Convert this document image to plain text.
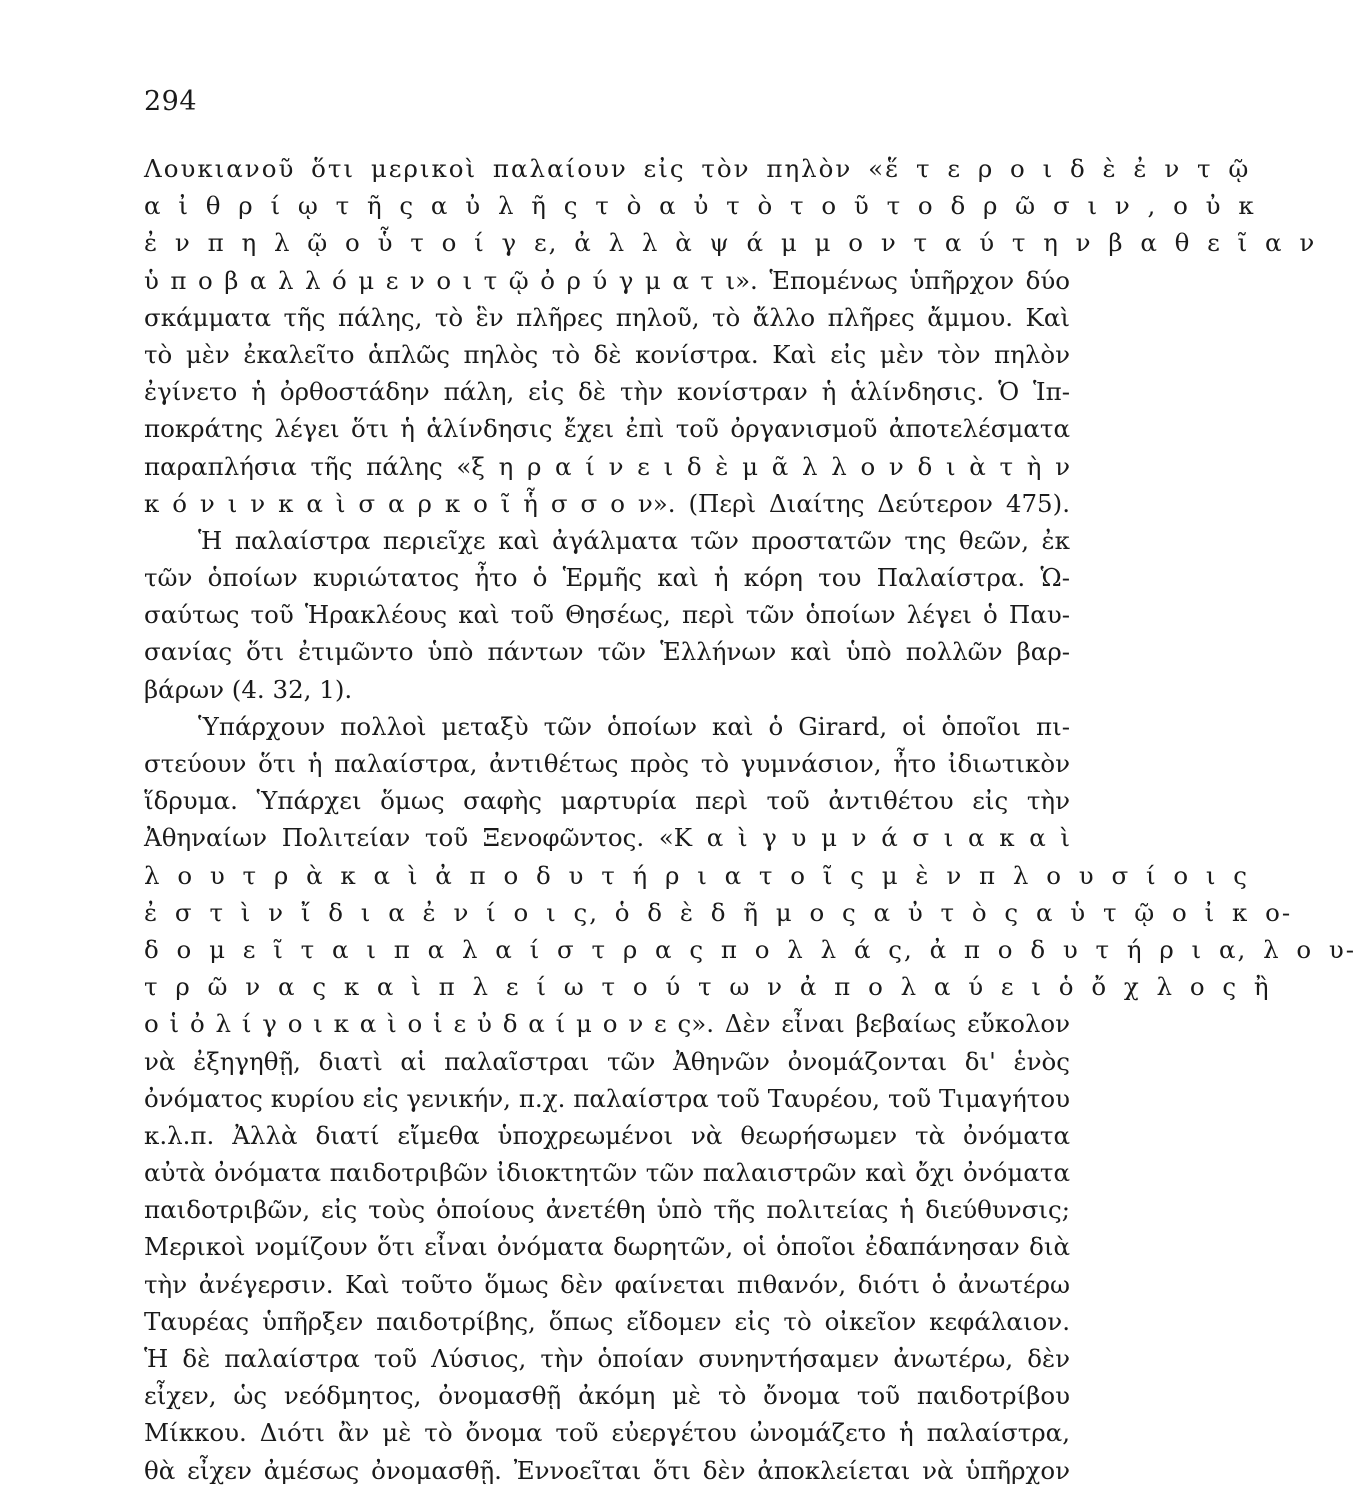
294
Λουκιανοῦ ὅτι μερικοὶ παλαίουν εἰς τὸν πηλὸν «ἕ τ ε ρ ο ι δ ὲ ἐ ν τ ῷ
α ἰ θ ρ ί ῳ τ ῆ ς α ὐ λ ῆ ς τ ὸ α ὐ τ ὸ τ ο ῦ τ ο δ ρ ῶ σ ι ν , ο ὐ κ
ἐ ν π η λ ῷ ο ὗ τ ο ί γ ε, ἀ λ λ ὰ ψ ά μ μ ο ν τ α ύ τ η ν β α θ ε ῖ α ν
ὑ π ο β α λ λ ό μ ε ν ο ι τ ῷ ὀ ρ ύ γ μ α τ ι». Ἑπομένως ὑπῆρχον δύο
σκάμματα τῆς πάλης, τὸ ἓν πλῆρες πηλοῦ, τὸ ἄλλο πλῆρες ἄμμου. Καὶ
τὸ μὲν ἐκαλεῖτο ἁπλῶς πηλὸς τὸ δὲ κονίστρα. Καὶ εἰς μὲν τὸν πηλὸν
ἐγίνετο ἡ ὀρθοστάδην πάλη, εἰς δὲ τὴν κονίστραν ἡ ἁλίνδησις. Ὁ Ἱπ-
ποκράτης λέγει ὅτι ἡ ἁλίνδησις ἔχει ἐπὶ τοῦ ὀργανισμοῦ ἀποτελέσματα
παραπλήσια τῆς πάλης «ξ η ρ α ί ν ε ι δ ὲ μ ᾶ λ λ ο ν δ ι ὰ τ ὴ ν
κ ό ν ι ν κ α ὶ σ α ρ κ ο ῖ ἧ σ σ ο ν». (Περὶ Διαίτης Δεύτερον 475).
Ἡ παλαίστρα περιεῖχε καὶ ἀγάλματα τῶν προστατῶν της θεῶν, ἐκ
τῶν ὁποίων κυριώτατος ἦτο ὁ Ἑρμῆς καὶ ἡ κόρη του Παλαίστρα. Ὡ-
σαύτως τοῦ Ἡρακλέους καὶ τοῦ Θησέως, περὶ τῶν ὁποίων λέγει ὁ Παυ-
σανίας ὅτι ἐτιμῶντο ὑπὸ πάντων τῶν Ἑλλήνων καὶ ὑπὸ πολλῶν βαρ-
βάρων (4. 32, 1).
Ὑπάρχουν πολλοὶ μεταξὺ τῶν ὁποίων καὶ ὁ Girard, οἱ ὁποῖοι πι-
στεύουν ὅτι ἡ παλαίστρα, ἀντιθέτως πρὸς τὸ γυμνάσιον, ἦτο ἰδιωτικὸν
ἵδρυμα. Ὑπάρχει ὅμως σαφὴς μαρτυρία περὶ τοῦ ἀντιθέτου εἰς τὴν
Ἀθηναίων Πολιτείαν τοῦ Ξενοφῶντος. «Κ α ὶ γ υ μ ν ά σ ι α κ α ὶ
λ ο υ τ ρ ὰ κ α ὶ ἀ π ο δ υ τ ή ρ ι α τ ο ῖ ς μ ὲ ν π λ ο υ σ ί ο ι ς
ἐ σ τ ὶ ν ἴ δ ι α ἐ ν ί ο ι ς, ὁ δ ὲ δ ῆ μ ο ς α ὐ τ ὸ ς α ὑ τ ῷ ο ἰ κ ο-
δ ο μ ε ῖ τ α ι π α λ α ί σ τ ρ α ς π ο λ λ ά ς, ἀ π ο δ υ τ ή ρ ι α, λ ο υ-
τ ρ ῶ ν α ς κ α ὶ π λ ε ί ω τ ο ύ τ ω ν ἀ π ο λ α ύ ε ι ὁ ὄ χ λ ο ς ἢ
ο ἱ ὀ λ ί γ ο ι κ α ὶ ο ἱ ε ὐ δ α ί μ ο ν ε ς». Δὲν εἶναι βεβαίως εὔκολον
νὰ ἐξηγηθῇ, διατὶ αἱ παλαῖστραι τῶν Ἀθηνῶν ὀνομάζονται δι' ἑνὸς
ὀνόματος κυρίου εἰς γενικήν, π.χ. παλαίστρα τοῦ Ταυρέου, τοῦ Τιμαγήτου
κ.λ.π. Ἀλλὰ διατί εἴμεθα ὑποχρεωμένοι νὰ θεωρήσωμεν τὰ ὀνόματα
αὐτὰ ὀνόματα παιδοτριβῶν ἰδιοκτητῶν τῶν παλαιστρῶν καὶ ὄχι ὀνόματα
παιδοτριβῶν, εἰς τοὺς ὁποίους ἀνετέθη ὑπὸ τῆς πολιτείας ἡ διεύθυνσις;
Μερικοὶ νομίζουν ὅτι εἶναι ὀνόματα δωρητῶν, οἱ ὁποῖοι ἐδαπάνησαν διὰ
τὴν ἀνέγερσιν. Καὶ τοῦτο ὅμως δὲν φαίνεται πιθανόν, διότι ὁ ἀνωτέρω
Ταυρέας ὑπῆρξεν παιδοτρίβης, ὅπως εἴδομεν εἰς τὸ οἰκεῖον κεφάλαιον.
Ἡ δὲ παλαίστρα τοῦ Λύσιος, τὴν ὁποίαν συνηντήσαμεν ἀνωτέρω, δὲν
εἶχεν, ὡς νεόδμητος, ὀνομασθῇ ἀκόμη μὲ τὸ ὄνομα τοῦ παιδοτρίβου
Μίκκου. Διότι ἂν μὲ τὸ ὄνομα τοῦ εὐεργέτου ὠνομάζετο ἡ παλαίστρα,
θὰ εἶχεν ἀμέσως ὀνομασθῇ. Ἐννοεῖται ὅτι δὲν ἀποκλείεται νὰ ὑπῆρχον
